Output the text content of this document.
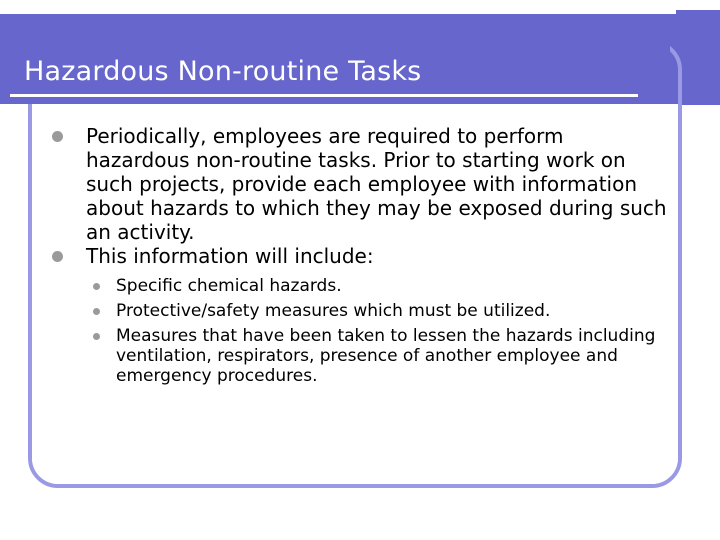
Hazardous Non-routine Tasks
Periodically, employees are required to perform hazardous non-routine tasks. Prior to starting work on such projects, provide each employee with information about hazards to which they may be exposed during such an activity.
This information will include:
Specific chemical hazards.
Protective/safety measures which must be utilized.
Measures that have been taken to lessen the hazards including ventilation, respirators, presence of another employee and emergency procedures.
